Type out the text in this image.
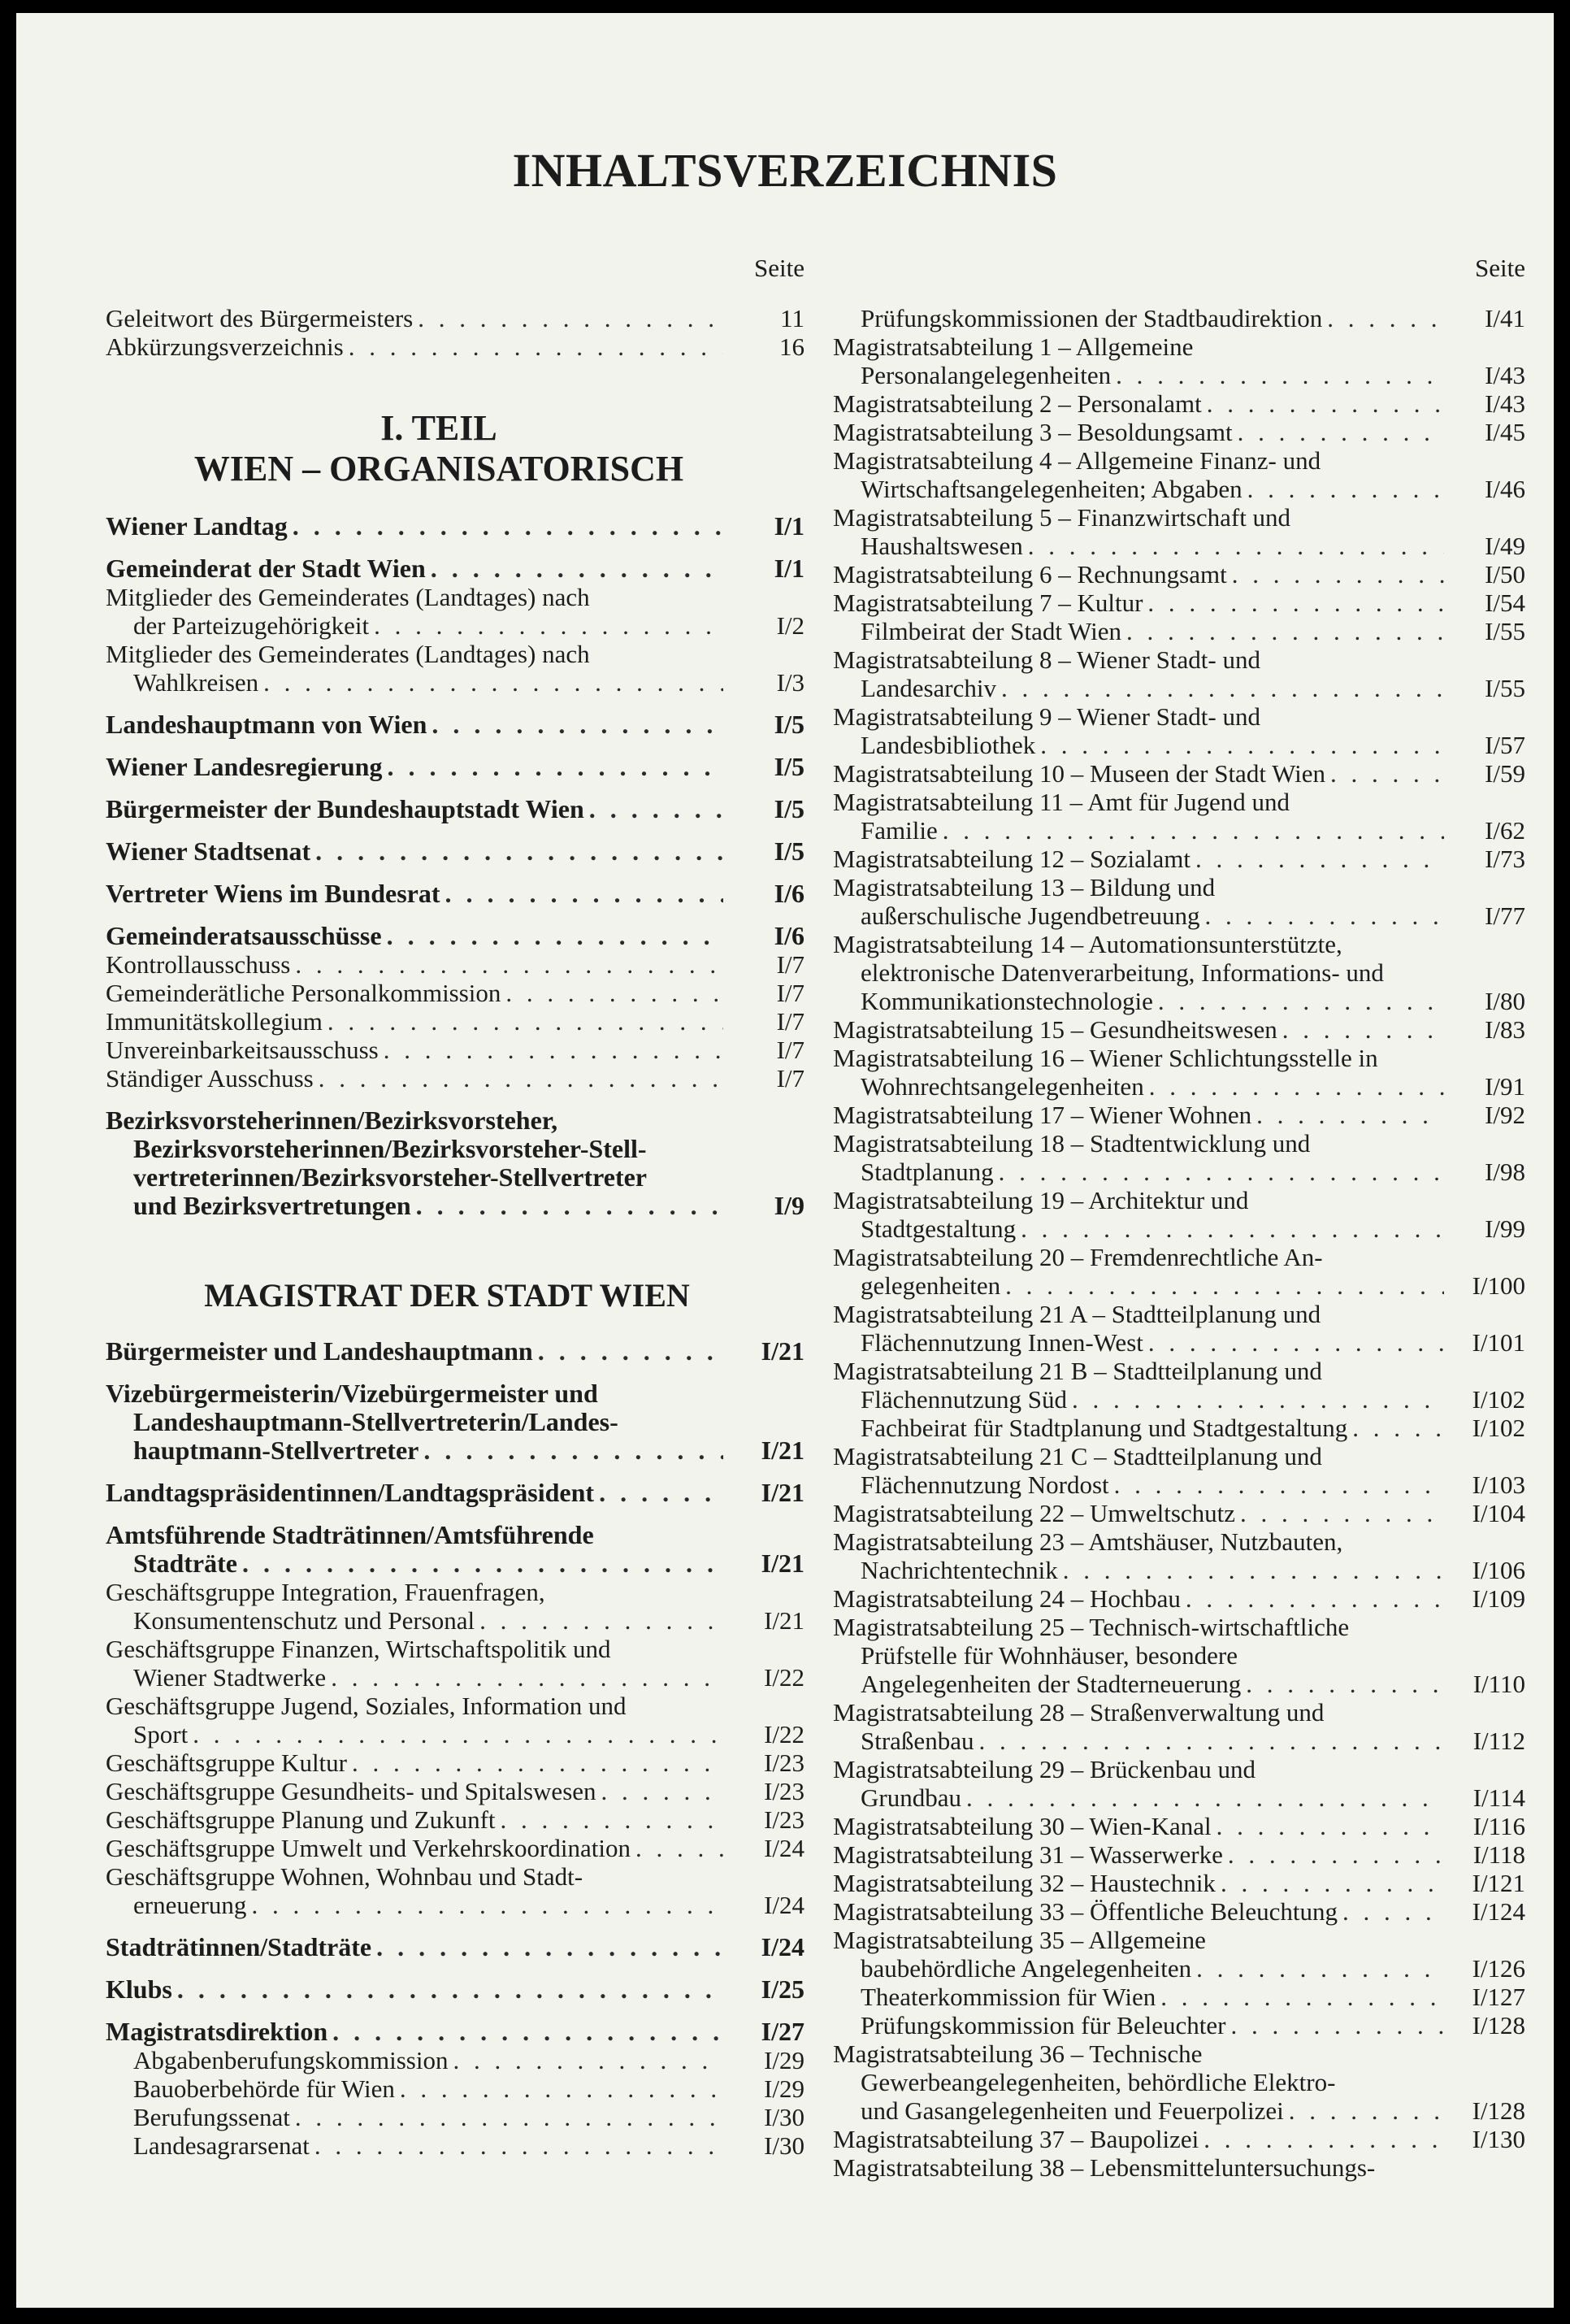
INHALTSVERZEICHNIS
Seite
Geleitwort des Bürgermeisters . . .	11
Abkürzungsverzeichnis . . .	16
I. TEIL
WIEN – ORGANISATORISCH
Wiener Landtag . . .	I/1
Gemeinderat der Stadt Wien . . .	I/1
Mitglieder des Gemeinderates (Landtages) nach
der Parteizugehörigkeit . . .	I/2
Mitglieder des Gemeinderates (Landtages) nach
Wahlkreisen . . .	I/3
Landeshauptmann von Wien . . .	I/5
Wiener Landesregierung . . .	I/5
Bürgermeister der Bundeshauptstadt Wien . . .	I/5
Wiener Stadtsenat . . .	I/5
Vertreter Wiens im Bundesrat . . .	I/6
Gemeinderatsausschüsse . . .	I/6
Kontrollausschuss . . .	I/7
Gemeinderätliche Personalkommission . . .	I/7
Immunitätskollegium . . .	I/7
Unvereinbarkeitsausschuss . . .	I/7
Ständiger Ausschuss . . .	I/7
Bezirksvorsteherinnen/Bezirksvorsteher,
Bezirksvorsteherinnen/Bezirksvorsteher-Stell-
vertreterinnen/Bezirksvorsteher-Stellvertreter
und Bezirksvertretungen . . .	I/9
MAGISTRAT DER STADT WIEN
Bürgermeister und Landeshauptmann . . .	I/21
Vizebürgermeisterin/Vizebürgermeister und
Landeshauptmann-Stellvertreterin/Landes-
hauptmann-Stellvertreter . . .	I/21
Landtagspräsidentinnen/Landtagspräsident . . .	I/21
Amtsführende Stadträtinnen/Amtsführende
Stadträte . . .	I/21
Geschäftsgruppe Integration, Frauenfragen,
Konsumentenschutz und Personal . . .	I/21
Geschäftsgruppe Finanzen, Wirtschaftspolitik und
Wiener Stadtwerke . . .	I/22
Geschäftsgruppe Jugend, Soziales, Information und
Sport . . .	I/22
Geschäftsgruppe Kultur . . .	I/23
Geschäftsgruppe Gesundheits- und Spitalswesen . . .	I/23
Geschäftsgruppe Planung und Zukunft . . .	I/23
Geschäftsgruppe Umwelt und Verkehrskoordination . . .	I/24
Geschäftsgruppe Wohnen, Wohnbau und Stadt-
erneuerung . . .	I/24
Stadträtinnen/Stadträte . . .	I/24
Klubs . . .	I/25
Magistratsdirektion . . .	I/27
Abgabenberufungskommission . . .	I/29
Bauoberbehörde für Wien . . .	I/29
Berufungssenat . . .	I/30
Landesagrarsenat . . .	I/30
Seite
Prüfungskommissionen der Stadtbaudirektion . . .	I/41
Magistratsabteilung 1 – Allgemeine
Personalangelegenheiten . . .	I/43
Magistratsabteilung 2 – Personalamt . . .	I/43
Magistratsabteilung 3 – Besoldungsamt . . .	I/45
Magistratsabteilung 4 – Allgemeine Finanz- und
Wirtschaftsangelegenheiten; Abgaben . . .	I/46
Magistratsabteilung 5 – Finanzwirtschaft und
Haushaltswesen . . .	I/49
Magistratsabteilung 6 – Rechnungsamt . . .	I/50
Magistratsabteilung 7 – Kultur . . .	I/54
Filmbeirat der Stadt Wien . . .	I/55
Magistratsabteilung 8 – Wiener Stadt- und
Landesarchiv . . .	I/55
Magistratsabteilung 9 – Wiener Stadt- und
Landesbibliothek . . .	I/57
Magistratsabteilung 10 – Museen der Stadt Wien . . .	I/59
Magistratsabteilung 11 – Amt für Jugend und
Familie . . .	I/62
Magistratsabteilung 12 – Sozialamt . . .	I/73
Magistratsabteilung 13 – Bildung und
außerschulische Jugendbetreuung . . .	I/77
Magistratsabteilung 14 – Automationsunterstützte,
elektronische Datenverarbeitung, Informations- und
Kommunikationstechnologie . . .	I/80
Magistratsabteilung 15 – Gesundheitswesen . . .	I/83
Magistratsabteilung 16 – Wiener Schlichtungsstelle in
Wohnrechtsangelegenheiten . . .	I/91
Magistratsabteilung 17 – Wiener Wohnen . . .	I/92
Magistratsabteilung 18 – Stadtentwicklung und
Stadtplanung . . .	I/98
Magistratsabteilung 19 – Architektur und
Stadtgestaltung . . .	I/99
Magistratsabteilung 20 – Fremdenrechtliche An-
gelegenheiten . . .	I/100
Magistratsabteilung 21 A – Stadtteilplanung und
Flächennutzung Innen-West . . .	I/101
Magistratsabteilung 21 B – Stadtteilplanung und
Flächennutzung Süd . . .	I/102
Fachbeirat für Stadtplanung und Stadtgestaltung . . .	I/102
Magistratsabteilung 21 C – Stadtteilplanung und
Flächennutzung Nordost . . .	I/103
Magistratsabteilung 22 – Umweltschutz . . .	I/104
Magistratsabteilung 23 – Amtshäuser, Nutzbauten,
Nachrichtentechnik . . .	I/106
Magistratsabteilung 24 – Hochbau . . .	I/109
Magistratsabteilung 25 – Technisch-wirtschaftliche
Prüfstelle für Wohnhäuser, besondere
Angelegenheiten der Stadterneuerung . . .	I/110
Magistratsabteilung 28 – Straßenverwaltung und
Straßenbau . . .	I/112
Magistratsabteilung 29 – Brückenbau und
Grundbau . . .	I/114
Magistratsabteilung 30 – Wien-Kanal . . .	I/116
Magistratsabteilung 31 – Wasserwerke . . .	I/118
Magistratsabteilung 32 – Haustechnik . . .	I/121
Magistratsabteilung 33 – Öffentliche Beleuchtung . . .	I/124
Magistratsabteilung 35 – Allgemeine
baubehördliche Angelegenheiten . . .	I/126
Theaterkommission für Wien . . .	I/127
Prüfungskommission für Beleuchter . . .	I/128
Magistratsabteilung 36 – Technische
Gewerbeangelegenheiten, behördliche Elektro-
und Gasangelegenheiten und Feuerpolizei . . .	I/128
Magistratsabteilung 37 – Baupolizei . . .	I/130
Magistratsabteilung 38 – Lebensmitteluntersuchungs-
